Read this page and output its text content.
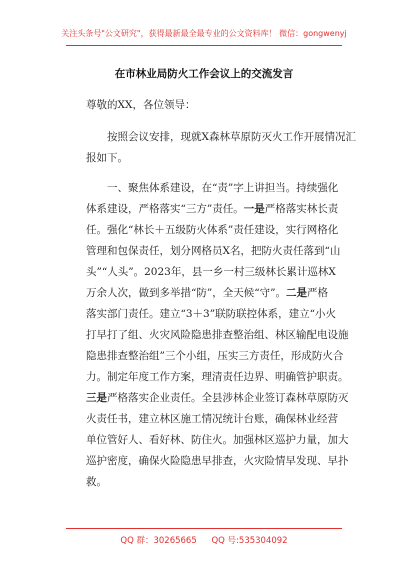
关注头条号"公文研究"，获得最新最全最专业的公文资料库！ 微信：gongwenyj
在市林业局防火工作会议上的交流发言
尊敬的XX，各位领导：
按照会议安排，现就X森林草原防灭火工作开展情况汇
报如下。
一、聚焦体系建设，在“责”字上讲担当。持续强化
体系建设，严格落实“三方”责任。一是严格落实林长责
任。强化“林长＋五级防火体系”责任建设，实行网格化
管理和包保责任，划分网格员X名，把防火责任落到“山
头”“人头”。2023年，县一乡一村三级林长累计巡林X
万余人次，做到多举措“防”，全天候“守”。二是严格
落实部门责任。建立“3＋3”联防联控体系，建立“小火
打早打了组、火灾风险隐患排查整治组、林区输配电设施
隐患排查整治组”三个小组，压实三方责任，形成防火合
力。制定年度工作方案，理清责任边界、明确管护职责。
三是严格落实企业责任。全县涉林企业签订森林草原防灭
火责任书，建立林区施工情况统计台账，确保林业经营
单位管好人、看好林、防住火。加强林区巡护力量，加大
巡护密度，确保火险隐患早排查，火灾险情早发现、早扑
救。
QQ 群：30265665 QQ 号:535304092
